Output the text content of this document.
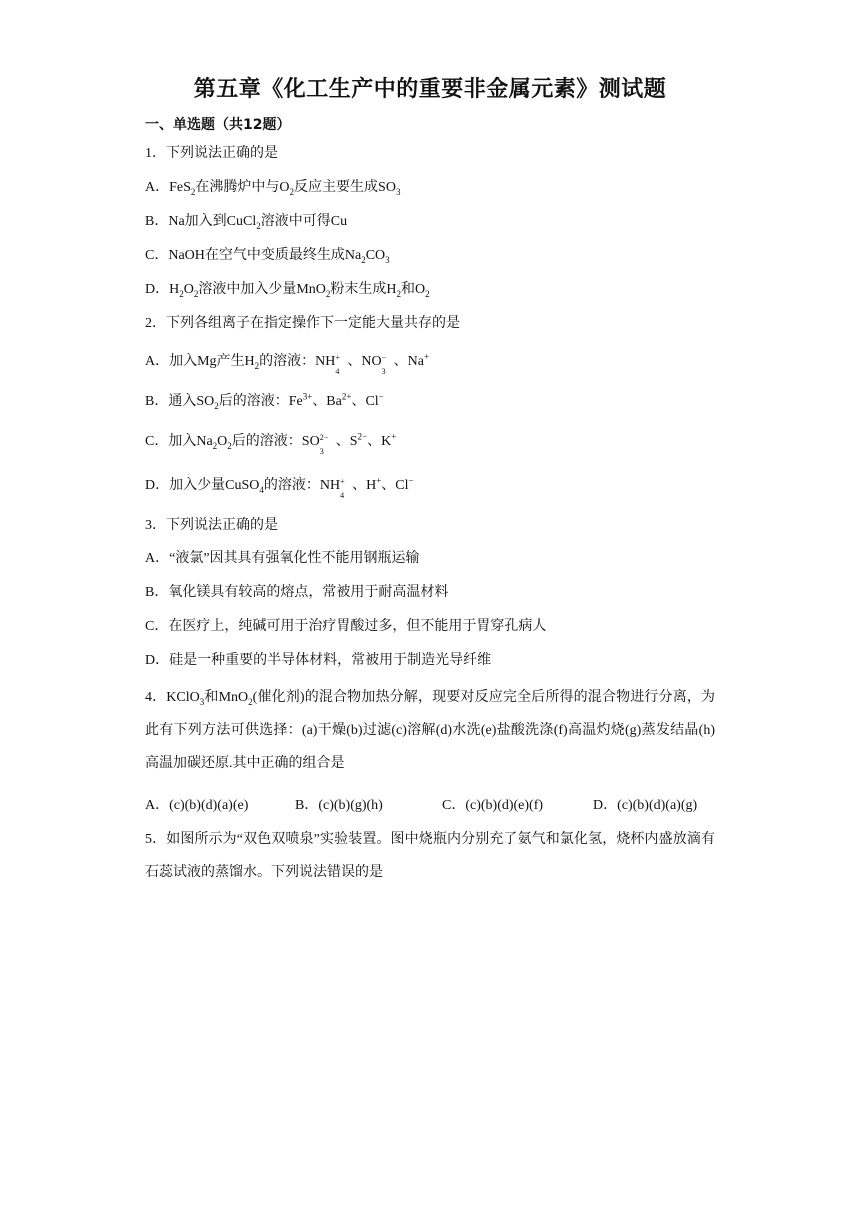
第五章《化工生产中的重要非金属元素》测试题
一、单选题（共12题）
1．下列说法正确的是
A．FeS$_2$在沸腾炉中与$O_2$反应主要生成$SO_3$
B．Na加入到CuCl$_2$溶液中可得Cu
C．NaOH在空气中变质最终生成$Na_2CO_3$
D．$H_2O_2$溶液中加入少量MnO$_2$粉末生成$H_2$和$O_2$
2．下列各组离子在指定操作下一定能大量共存的是
A．加入Mg产生$H_2$的溶液：NH +
4
、NO −
3
、Na+
B．通入$SO_2$后的溶液：$Fe^{3+}$、$Ba^{2+}$、Cl−
C．加入$Na_2O_2$后的溶液：SO 2−
3
、$S^{2-}$、K+
D．加入少量CuSO$_4$的溶液：NH +
4
、H+、Cl−
3．下列说法正确的是
A．“液氯”因其具有强氧化性不能用钢瓶运输
B．氧化镁具有较高的熔点，常被用于耐高温材料
C．在医疗上，纯碱可用于治疗胃酸过多，但不能用于胃穿孔病人
D．硅是一种重要的半导体材料，常被用于制造光导纤维
4．KClO$_3$和MnO$_2$(催化剂)的混合物加热分解，现要对反应完全后所得的混合物进行分离，为此有下列方法可供选择：(a)干燥(b)过滤(c)溶解(d)水洗(e)盐酸洗涤(f)高温灼烧(g)蒸发结晶(h)高温加碳还原.其中正确的组合是
A．(c)(b)(d)(a)(e)	B．(c)(b)(g)(h)	C．(c)(b)(d)(e)(f)	D．(c)(b)(d)(a)(g)
5．如图所示为“双色双喷泉”实验装置。图中烧瓶内分别充了氨气和氯化氢，烧杯内盛放滴有石蕊试液的蒸馏水。下列说法错误的是
